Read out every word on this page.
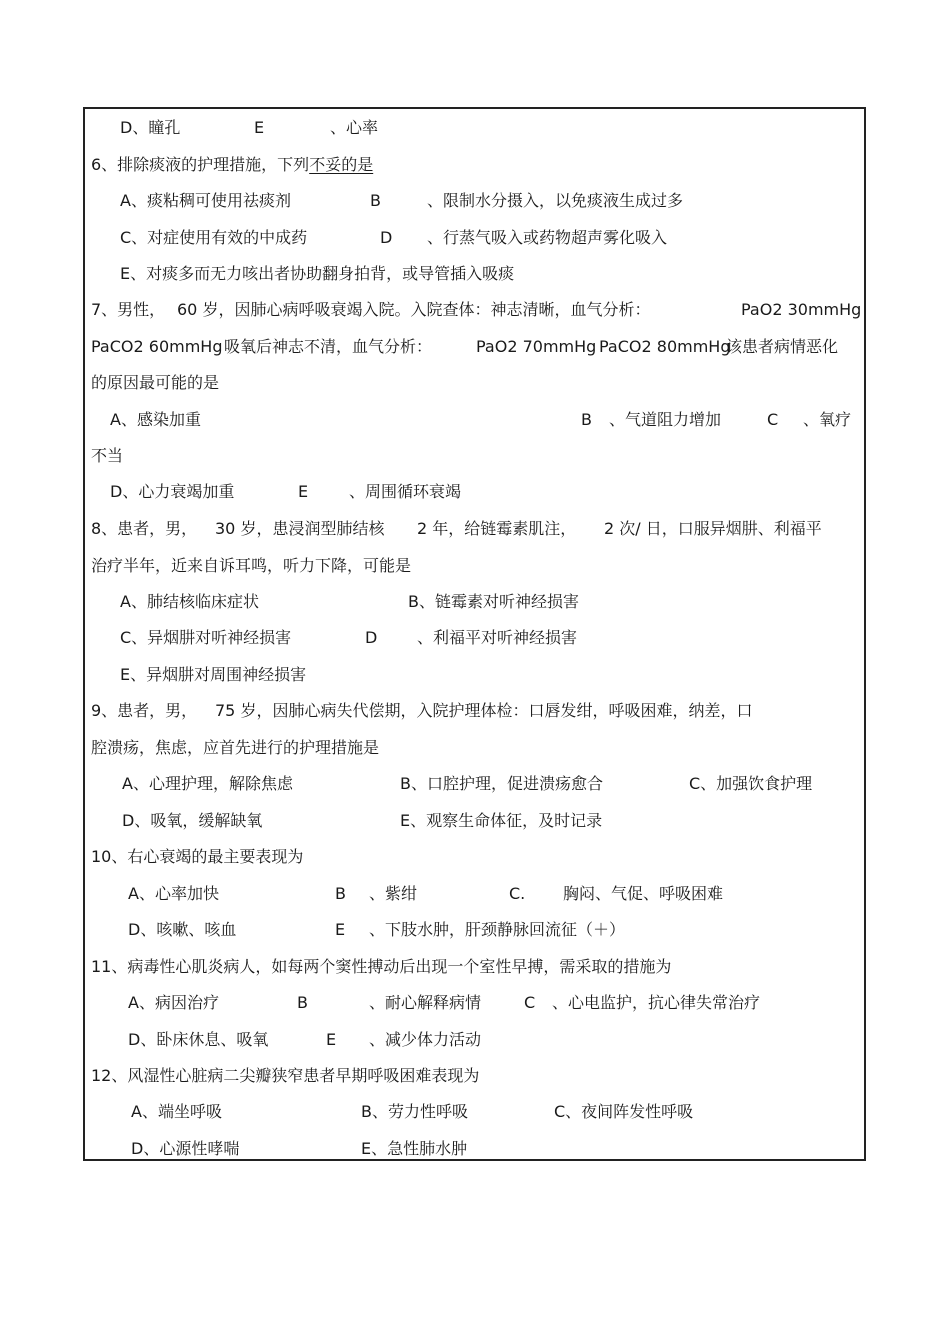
D、瞳孔	E	、心率
6、排除痰液的护理措施，下列不妥的是
A、痰粘稠可使用祛痰剂	B	、限制水分摄入，以免痰液生成过多
C、对症使用有效的中成药	D 、行蒸气吸入或药物超声雾化吸入
E、对痰多而无力咳出者协助翻身拍背，或导管插入吸痰
7、男性， 60 岁，因肺心病呼吸衰竭入院。入院查体：神志清晰，血气分析：	PaO2 30mmHg
PaCO2 60mmHg 吸氧后神志不清，血气分析：	PaO2 70mmHg PaCO2 80mmHg
该患者病情恶化
的原因最可能的是
A、感染加重	B 、气道阻力增加	C 、氧疗
不当
D、心力衰竭加重	E	、周围循环衰竭
8、患者，男， 30 岁，患浸润型肺结核 2 年，给链霉素肌注， 2 次/ 日，口服异烟肼、利福平
治疗半年，近来自诉耳鸣，听力下降，可能是
A、肺结核临床症状	B、链霉素对听神经损害
C、异烟肼对听神经损害	D 、利福平对听神经损害
E、异烟肼对周围神经损害
9、患者，男， 75 岁，因肺心病失代偿期，入院护理体检：口唇发绀，呼吸困难，纳差，口
腔溃疡，焦虑，应首先进行的护理措施是
A、心理护理，解除焦虑	B、口腔护理，促进溃疡愈合	C、加强饮食护理
D、吸氧，缓解缺氧	E、观察生命体征，及时记录
10、右心衰竭的最主要表现为
A、心率加快	B 、紫绀	C. 胸闷、气促、呼吸困难
D、咳嗽、咳血	E 、下肢水肿，肝颈静脉回流征（＋）
11、病毒性心肌炎病人，如每两个窦性搏动后出现一个室性早搏，需采取的措施为
A、病因治疗	B	、耐心解释病情	C 、心电监护，抗心律失常治疗
D、卧床休息、吸氧	E 、减少体力活动
12、风湿性心脏病二尖瓣狭窄患者早期呼吸困难表现为
A、端坐呼吸	B、劳力性呼吸	C、夜间阵发性呼吸
D、心源性哮喘	E、急性肺水肿
